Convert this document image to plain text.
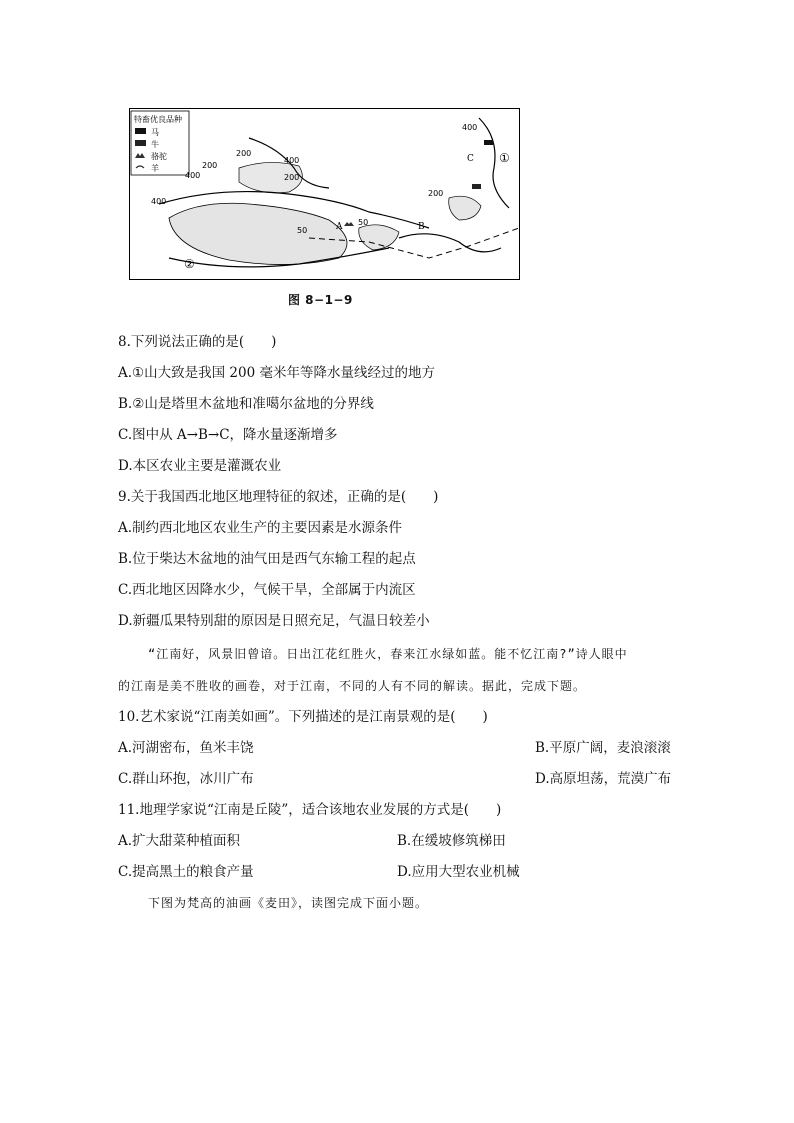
特畜优良品种
马
牛
骆驼
羊
400
200
200
400
400	200
400
200
50
50
①
②
A	B
C
图 8−1−9
8.下列说法正确的是(　　)
A.①山大致是我国 200 毫米年等降水量线经过的地方
B.②山是塔里木盆地和准噶尔盆地的分界线
C.图中从 A→B→C，降水量逐渐增多
D.本区农业主要是灌溉农业
9.关于我国西北地区地理特征的叙述，正确的是(　　)
A.制约西北地区农业生产的主要因素是水源条件
B.位于柴达木盆地的油气田是西气东输工程的起点
C.西北地区因降水少，气候干旱，全部属于内流区
D.新疆瓜果特别甜的原因是日照充足，气温日较差小
“江南好，风景旧曾谙。日出江花红胜火，春来江水绿如蓝。能不忆江南?”诗人眼中
的江南是美不胜收的画卷，对于江南，不同的人有不同的解读。据此，完成下题。
10.艺术家说“江南美如画”。下列描述的是江南景观的是(　　)
A.河湖密布，鱼米丰饶	B.平原广阔，麦浪滚滚
C.群山环抱，冰川广布	D.高原坦荡，荒漠广布
11.地理学家说“江南是丘陵”，适合该地农业发展的方式是(　　)
A.扩大甜菜种植面积	B.在缓坡修筑梯田
C.提高黑土的粮食产量	D.应用大型农业机械
下图为梵高的油画《麦田》，读图完成下面小题。
